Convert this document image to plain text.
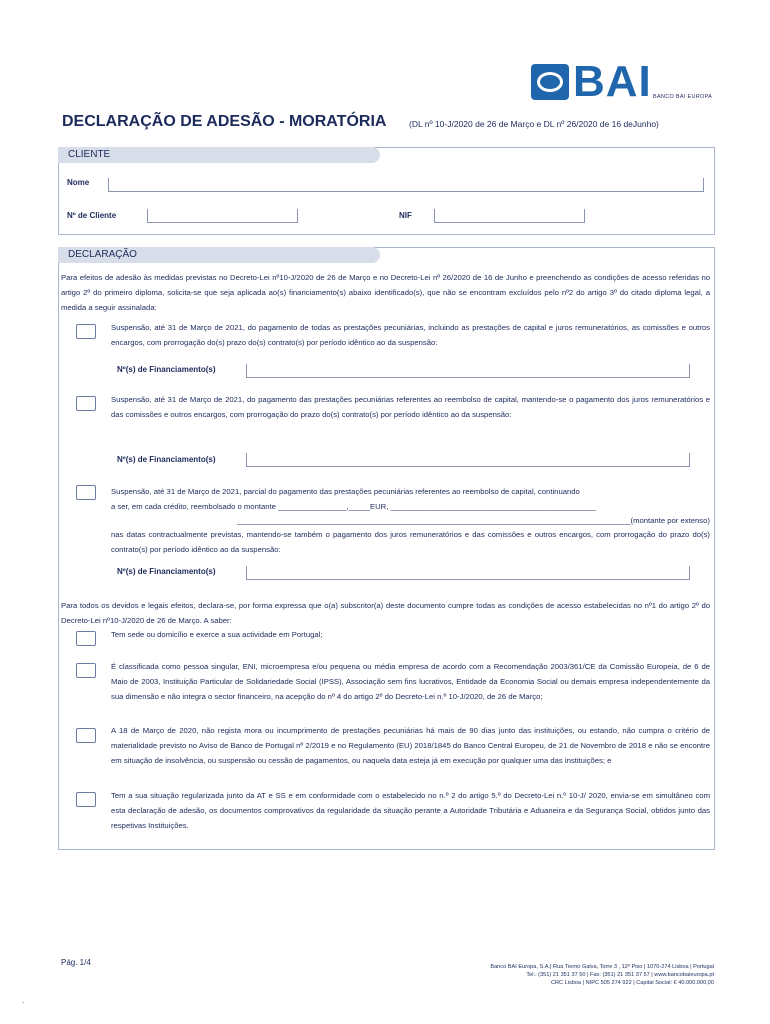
BAI BANCO BAI EUROPA
DECLARAÇÃO DE ADESÃO - MORATÓRIA	(DL nº 10-J/2020 de 26 de Março e DL nº 26/2020 de 16 deJunho)
CLIENTE
Nome
Nº de Cliente	NIF
DECLARAÇÃO
Para efeitos de adesão às medidas previstas no Decreto-Lei nº10-J/2020 de 26 de Março e no Decreto-Lei nº 26/2020 de 16 de Junho e preenchendo as condições de acesso referidas no artigo 2º do primeiro diploma, solicita-se que seja aplicada ao(s) financiamento(s) abaixo identificado(s), que não se encontram excluídos pelo nº2 do artigo 3º do citado diploma legal, a medida a seguir assinalada:
Suspensão, até 31 de Março de 2021, do pagamento de todas as prestações pecuniárias, incluindo as prestações de capital e juros remuneratórios, as comissões e outros encargos, com prorrogação do(s) prazo do(s) contrato(s) por período idêntico ao da suspensão:
Nº(s) de Financiamento(s)
Suspensão, até 31 de Março de 2021, do pagamento das prestações pecuniárias referentes ao reembolso de capital, mantendo-se o pagamento dos juros remuneratórios e das comissões e outros encargos, com prorrogação do prazo do(s) contrato(s) por período idêntico ao da suspensão:
Nº(s) de Financiamento(s)
Suspensão, até 31 de Março de 2021, parcial do pagamento das prestações pecuniárias referentes ao reembolso de capital, continuando
a ser, em cada crédito, reembolsado o montante ________________,_____EUR, ________________________________________________
____________________________________________________________________________________________(montante por extenso)
nas datas contractualmente previstas, mantendo-se também o pagamento dos juros remuneratórios e das comissões e outros encargos, com prorrogação do prazo do(s) contrato(s) por período idêntico ao da suspensão:
Nº(s) de Financiamento(s)
Para todos os devidos e legais efeitos, declara-se, por forma expressa que o(a) subscritor(a) deste documento cumpre todas as condições de acesso estabelecidas no nº1 do artigo 2º do Decreto-Lei nº10-J/2020 de 26 de Março. A saber:
Tem sede ou domicílio e exerce a sua actividade em Portugal;
É classificada como pessoa singular, ENI, microempresa e/ou pequena ou média empresa de acordo com a Recomendação 2003/361/CE da Comissão Europeia, de 6 de Maio de 2003, Instituição Particular de Solidariedade Social (IPSS), Associação sem fins lucrativos, Entidade da Economia Social ou demais empresa independentemente da sua dimensão e não integra o sector financeiro, na acepção do nº 4 do artigo 2º do Decreto-Lei n.º 10-J/2020, de 26 de Março;
A 18 de Março de 2020, não regista mora ou incumprimento de prestações pecuniárias há mais de 90 dias junto das instituições, ou estando, não cumpra o critério de materialidade previsto no Aviso de Banco de Portugal nº 2/2019 e no Regulamento (EU) 2018/1845 do Banco Central Europeu, de 21 de Novembro de 2018 e não se encontre em situação de insolvência, ou suspensão ou cessão de pagamentos, ou naquela data esteja já em execução por qualquer uma das instituições; e
Tem a sua situação regularizada junto da AT e SS e em conformidade com o estabelecido no n.º 2 do artigo 5.º do Decreto-Lei n.º 10-J/ 2020, envia-se em simultâneo com esta declaração de adesão, os documentos comprovativos da regularidade da situação perante a Autoridade Tributária e Aduaneira e da Segurança Social, obtidos junto das respetivas Instituições.
Pág. 1/4	Banco BAI Europa, S.A.| Rua Tierno Galva, Torre 3 , 12º Piso | 1070-274 Lisboa | Portugal
Tel.: (351) 21 351 37 50 | Fax: (351) 21 351 37 57 | www.bancobaieuropa.pt
CRC Lisboa | NIPC 505 274 922 | Capital Social: € 40.000.000,00
.
